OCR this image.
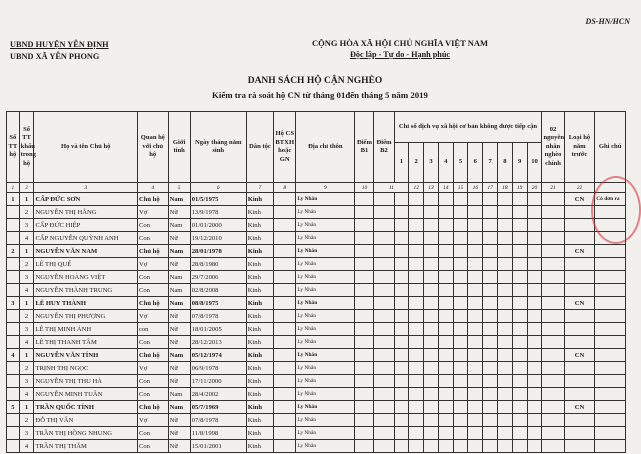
DS-HN/HCN
UBND HUYỆN YÊN ĐỊNH
UBND XÃ YÊN PHONG
CỘNG HÒA XÃ HỘI CHỦ NGHĨA VIỆT NAM
Độc lập - Tự do - Hạnh phúc
DANH SÁCH HỘ CẬN NGHÈO
Kiểm tra rà soát hộ CN từ tháng 01đến tháng 5 năm 2019
Số TT hộ	Số TT khẩu trong hộ	Họ và tên Chủ hộ	Quan hệ với chủ hộ	Giới tính	Ngày tháng năm sinh	Dân tộc	Hộ CS BTXH hoặc GN	Địa chỉ thôn	Điểm B1	Điểm B2	Chỉ số dịch vụ xã hội cơ bản không được tiếp cận										02 nguyên nhân nghèo chính	Loại hộ năm trước	Ghi chú
											1	2	3	4	5	6	7	8	9	10			
1	2	3	4	5	6	7	8	9	10	11		12	13	14	15	16	17	18	19	20	21	22	
1	1	CẤP ĐỨC SƠN	Chủ hộ	Nam	01/5/1975	Kinh		Ly Nhân														CN	Có đơn ra
	2	NGUYỄN THỊ HẰNG	Vợ	Nữ	13/9/1978	Kinh		Ly Nhân															
	3	CẤP ĐỨC HIỆP	Con	Nam	01/01/2000	Kinh		Ly Nhân															
	4	CẤP NGUYỄN QUỲNH ANH	Con	Nữ	19/12/2010	Kinh		Ly Nhân															
2	1	NGUYỄN VĂN NAM	Chủ hộ	Nam	28/01/1978	Kinh		Ly Nhân														CN	
	2	LÊ THỊ QUẾ	Vợ	Nữ	28/8/1980	Kinh		Ly Nhân															
	3	NGUYỄN HOÀNG VIỆT	Con	Nam	29/7/2006	Kinh		Ly Nhân															
	4	NGUYỄN THÀNH TRUNG	Con	Nam	02/8/2008	Kinh		Ly Nhân															
3	1	LÊ HUY THÀNH	Chủ hộ	Nam	08/8/1975	Kinh		Ly Nhân														CN	
	2	NGUYỄN THỊ PHƯỢNG	Vợ	Nữ	07/8/1978	Kinh		Ly Nhân															
	3	LÊ THỊ MINH ÁNH	con	Nữ	18/01/2005	Kinh		Ly Nhân															
	4	LÊ THỊ THANH TÂM	Con	Nữ	28/12/2013	Kinh		Ly Nhân															
4	1	NGUYỄN VĂN TÍNH	Chủ hộ	Nam	05/12/1974	Kinh		Ly Nhân														CN	
	2	TRỊNH THỊ NGỌC	Vợ	Nữ	06/9/1978	Kinh		Ly Nhân															
	3	NGUYỄN THỊ THU HÀ	Con	Nữ	17/11/2000	Kinh		Ly Nhân															
	4	NGUYỄN MINH TUÂN	Con	Nam	28/4/2002	Kinh		Ly Nhân															
5	1	TRẦN QUỐC TÍNH	Chủ hộ	Nam	05/7/1969	Kinh		Ly Nhân														CN	
	2	ĐỖ THỊ VÂN	Vợ	Nữ	07/8/1978	Kinh		Ly Nhân															
	3	TRẦN THỊ HỒNG NHUNG	Con	Nữ	11/8/1998	Kinh		Ly Nhân															
	4	TRẦN THỊ THẮM	Con	Nữ	15/01/2001	Kinh		Ly Nhân															
